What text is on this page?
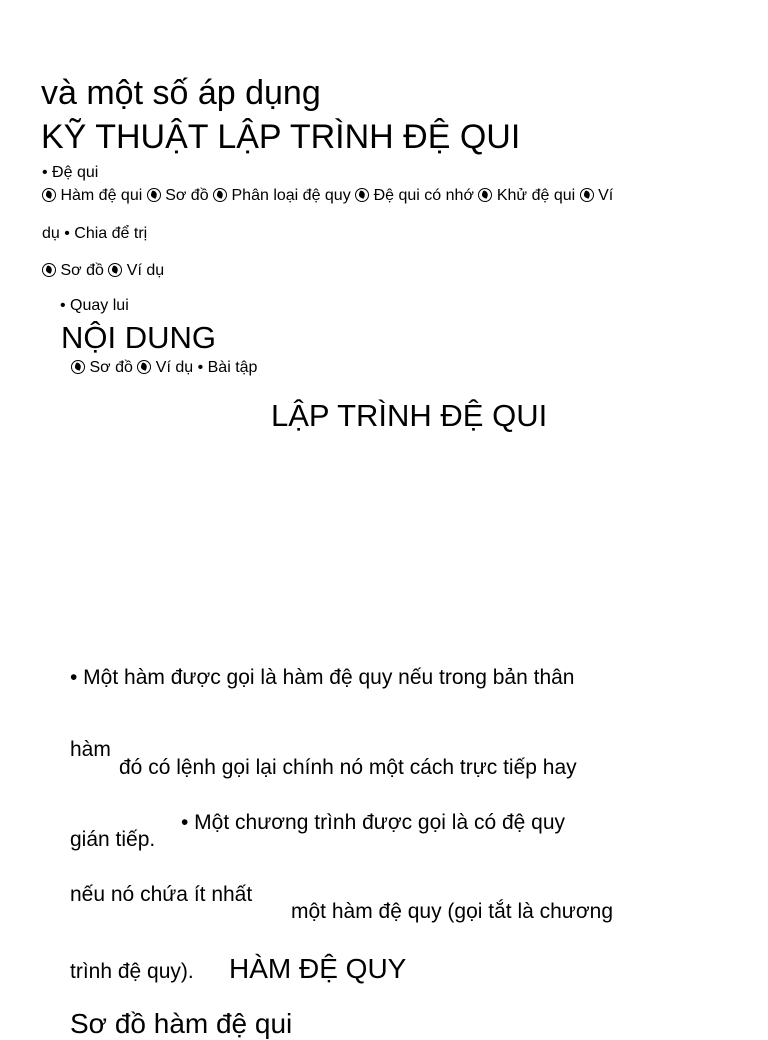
và một số áp dụng
KỸ THUẬT LẬP TRÌNH ĐỆ QUI
• Đệ qui
Hàm đệ qui Sơ đồ Phân loại đệ quy Đệ qui có nhớ Khử đệ qui Ví
dụ • Chia để trị
Sơ đồ Ví dụ
• Quay lui
NỘI DUNG
Sơ đồ Ví dụ • Bài tập
LẬP TRÌNH ĐỆ QUI
• Một hàm được gọi là hàm đệ quy nếu trong bản thân
hàm
đó có lệnh gọi lại chính nó một cách trực tiếp hay
gián tiếp.
• Một chương trình được gọi là có đệ quy
nếu nó chứa ít nhất
một hàm đệ quy (gọi tắt là chương
trình đệ quy). HÀM ĐỆ QUY
Sơ đồ hàm đệ qui
